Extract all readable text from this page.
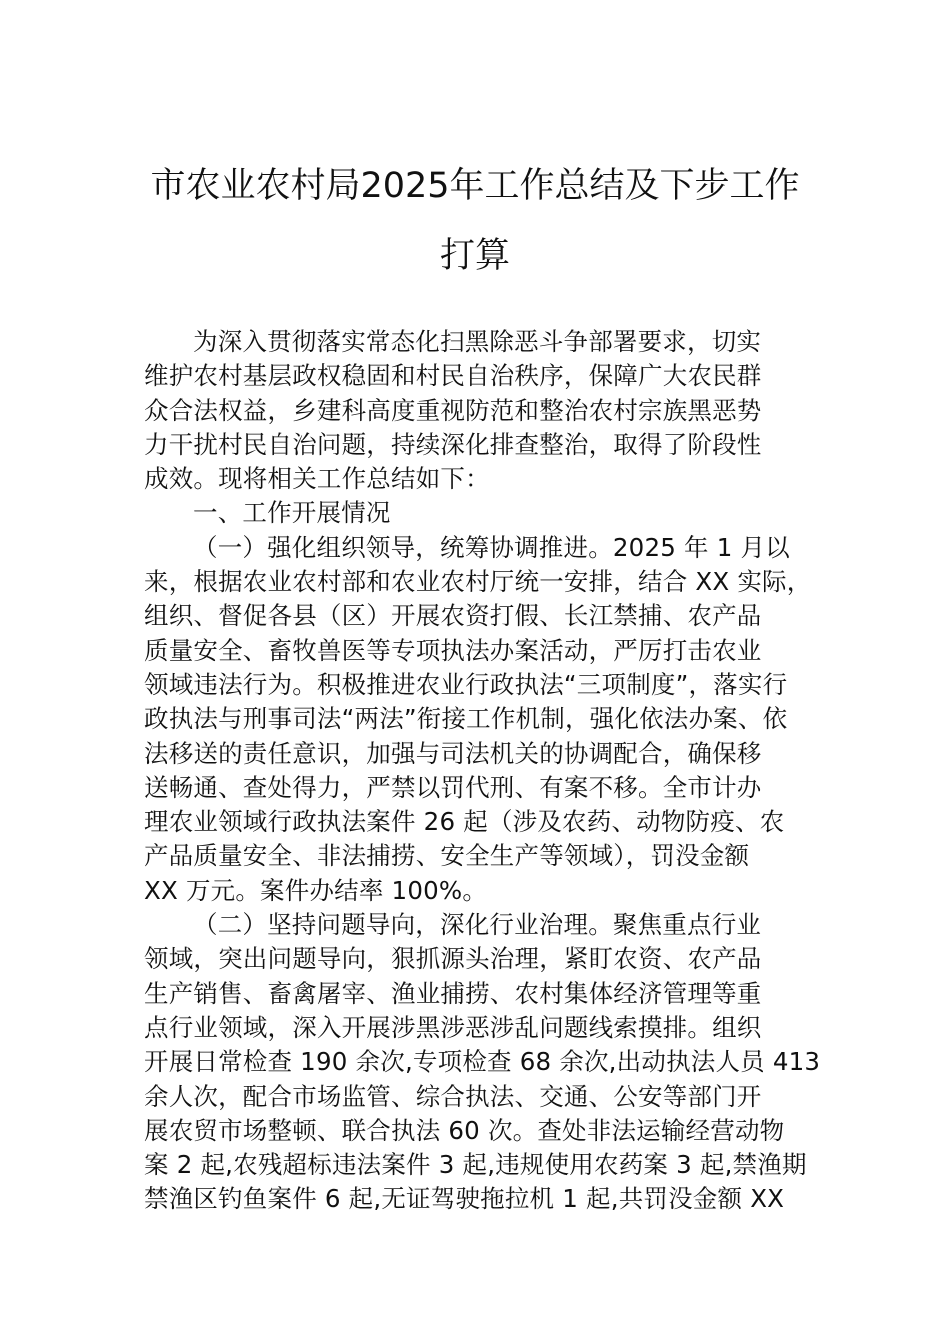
市农业农村局2025年工作总结及下步工作
打算
为深入贯彻落实常态化扫黑除恶斗争部署要求，切实
维护农村基层政权稳固和村民自治秩序，保障广大农民群
众合法权益，乡建科高度重视防范和整治农村宗族黑恶势
力干扰村民自治问题，持续深化排查整治，取得了阶段性
成效。现将相关工作总结如下：
一、工作开展情况
（一）强化组织领导，统筹协调推进。2025 年 1 月以
来，根据农业农村部和农业农村厅统一安排，结合 XX 实际，
组织、督促各县（区）开展农资打假、长江禁捕、农产品
质量安全、畜牧兽医等专项执法办案活动，严厉打击农业
领域违法行为。积极推进农业行政执法“三项制度”，落实行
政执法与刑事司法“两法”衔接工作机制，强化依法办案、依
法移送的责任意识，加强与司法机关的协调配合，确保移
送畅通、查处得力，严禁以罚代刑、有案不移。全市计办
理农业领域行政执法案件 26 起（涉及农药、动物防疫、农
产品质量安全、非法捕捞、安全生产等领域），罚没金额
XX 万元。案件办结率 100%。
（二）坚持问题导向，深化行业治理。聚焦重点行业
领域，突出问题导向，狠抓源头治理，紧盯农资、农产品
生产销售、畜禽屠宰、渔业捕捞、农村集体经济管理等重
点行业领域，深入开展涉黑涉恶涉乱问题线索摸排。组织
开展日常检查 190 余次,专项检查 68 余次,出动执法人员 413
余人次，配合市场监管、综合执法、交通、公安等部门开
展农贸市场整顿、联合执法 60 次。查处非法运输经营动物
案 2 起,农残超标违法案件 3 起,违规使用农药案 3 起,禁渔期
禁渔区钓鱼案件 6 起,无证驾驶拖拉机 1 起,共罚没金额 XX
